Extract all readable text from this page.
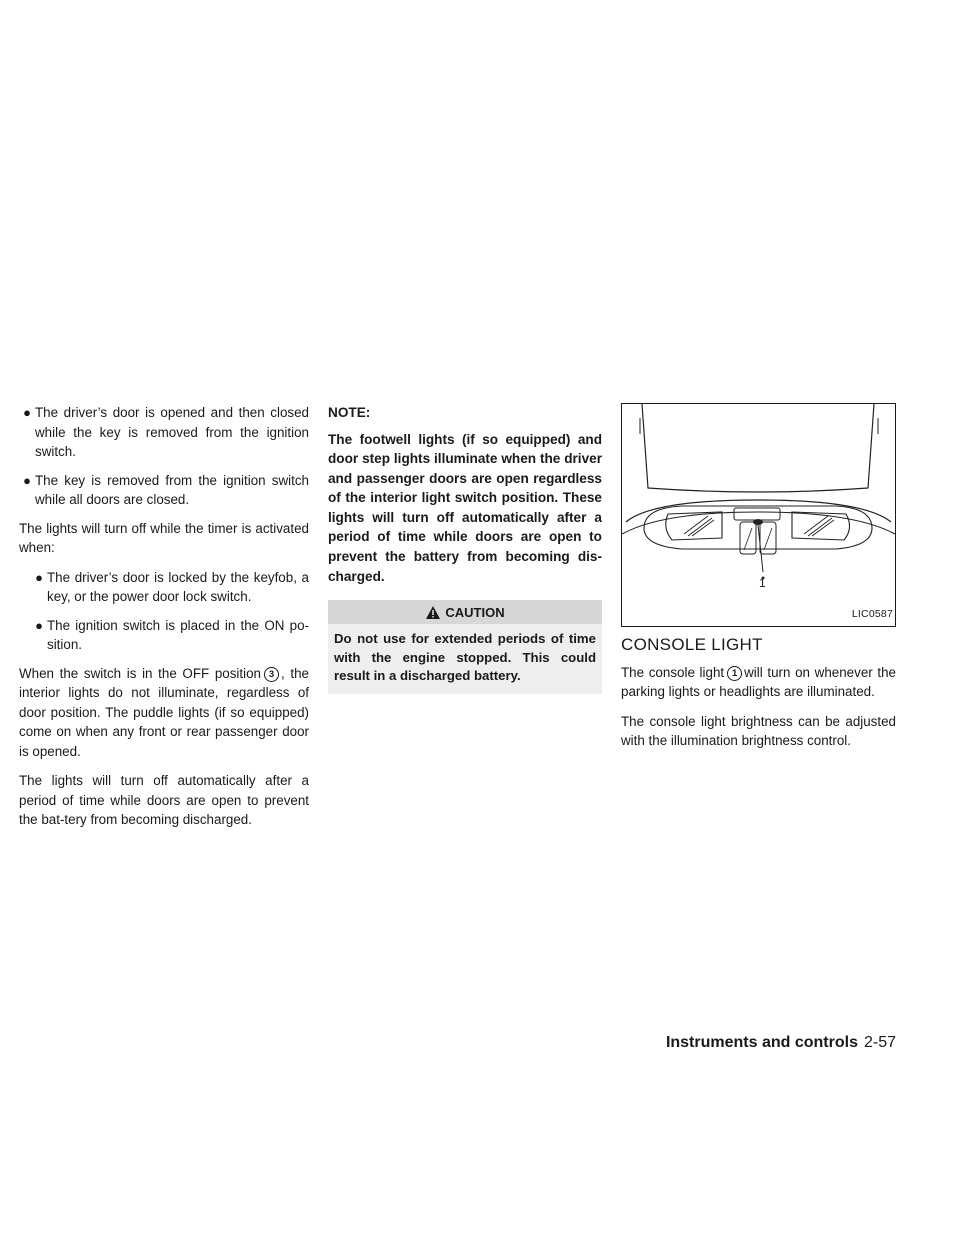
● The driver’s door is opened and then closed while the key is removed from the ignition switch.
● The key is removed from the ignition switch while all doors are closed.

The lights will turn off while the timer is activated when:

● The driver’s door is locked by the keyfob, a key, or the power door lock switch.
● The ignition switch is placed in the ON po-sition.

When the switch is in the OFF position 3 , the interior lights do not illuminate, regardless of door position. The puddle lights (if so equipped) come on when any front or rear passenger door is opened.

The lights will turn off automatically after a period of time while doors are open to prevent the bat-tery from becoming discharged.

NOTE:
The footwell lights (if so equipped) and door step lights illuminate when the driver and passenger doors are open regardless of the interior light switch position. These lights will turn off automatically after a period of time while doors are open to prevent the battery from becoming dis-charged.
CAUTION
Do not use for extended periods of time with the engine stopped. This could result in a discharged battery.
1
LIC0587
CONSOLE LIGHT

The console light 1 will turn on whenever the parking lights or headlights are illuminated.

The console light brightness can be adjusted with the illumination brightness control.

Instruments and controls 2-57
